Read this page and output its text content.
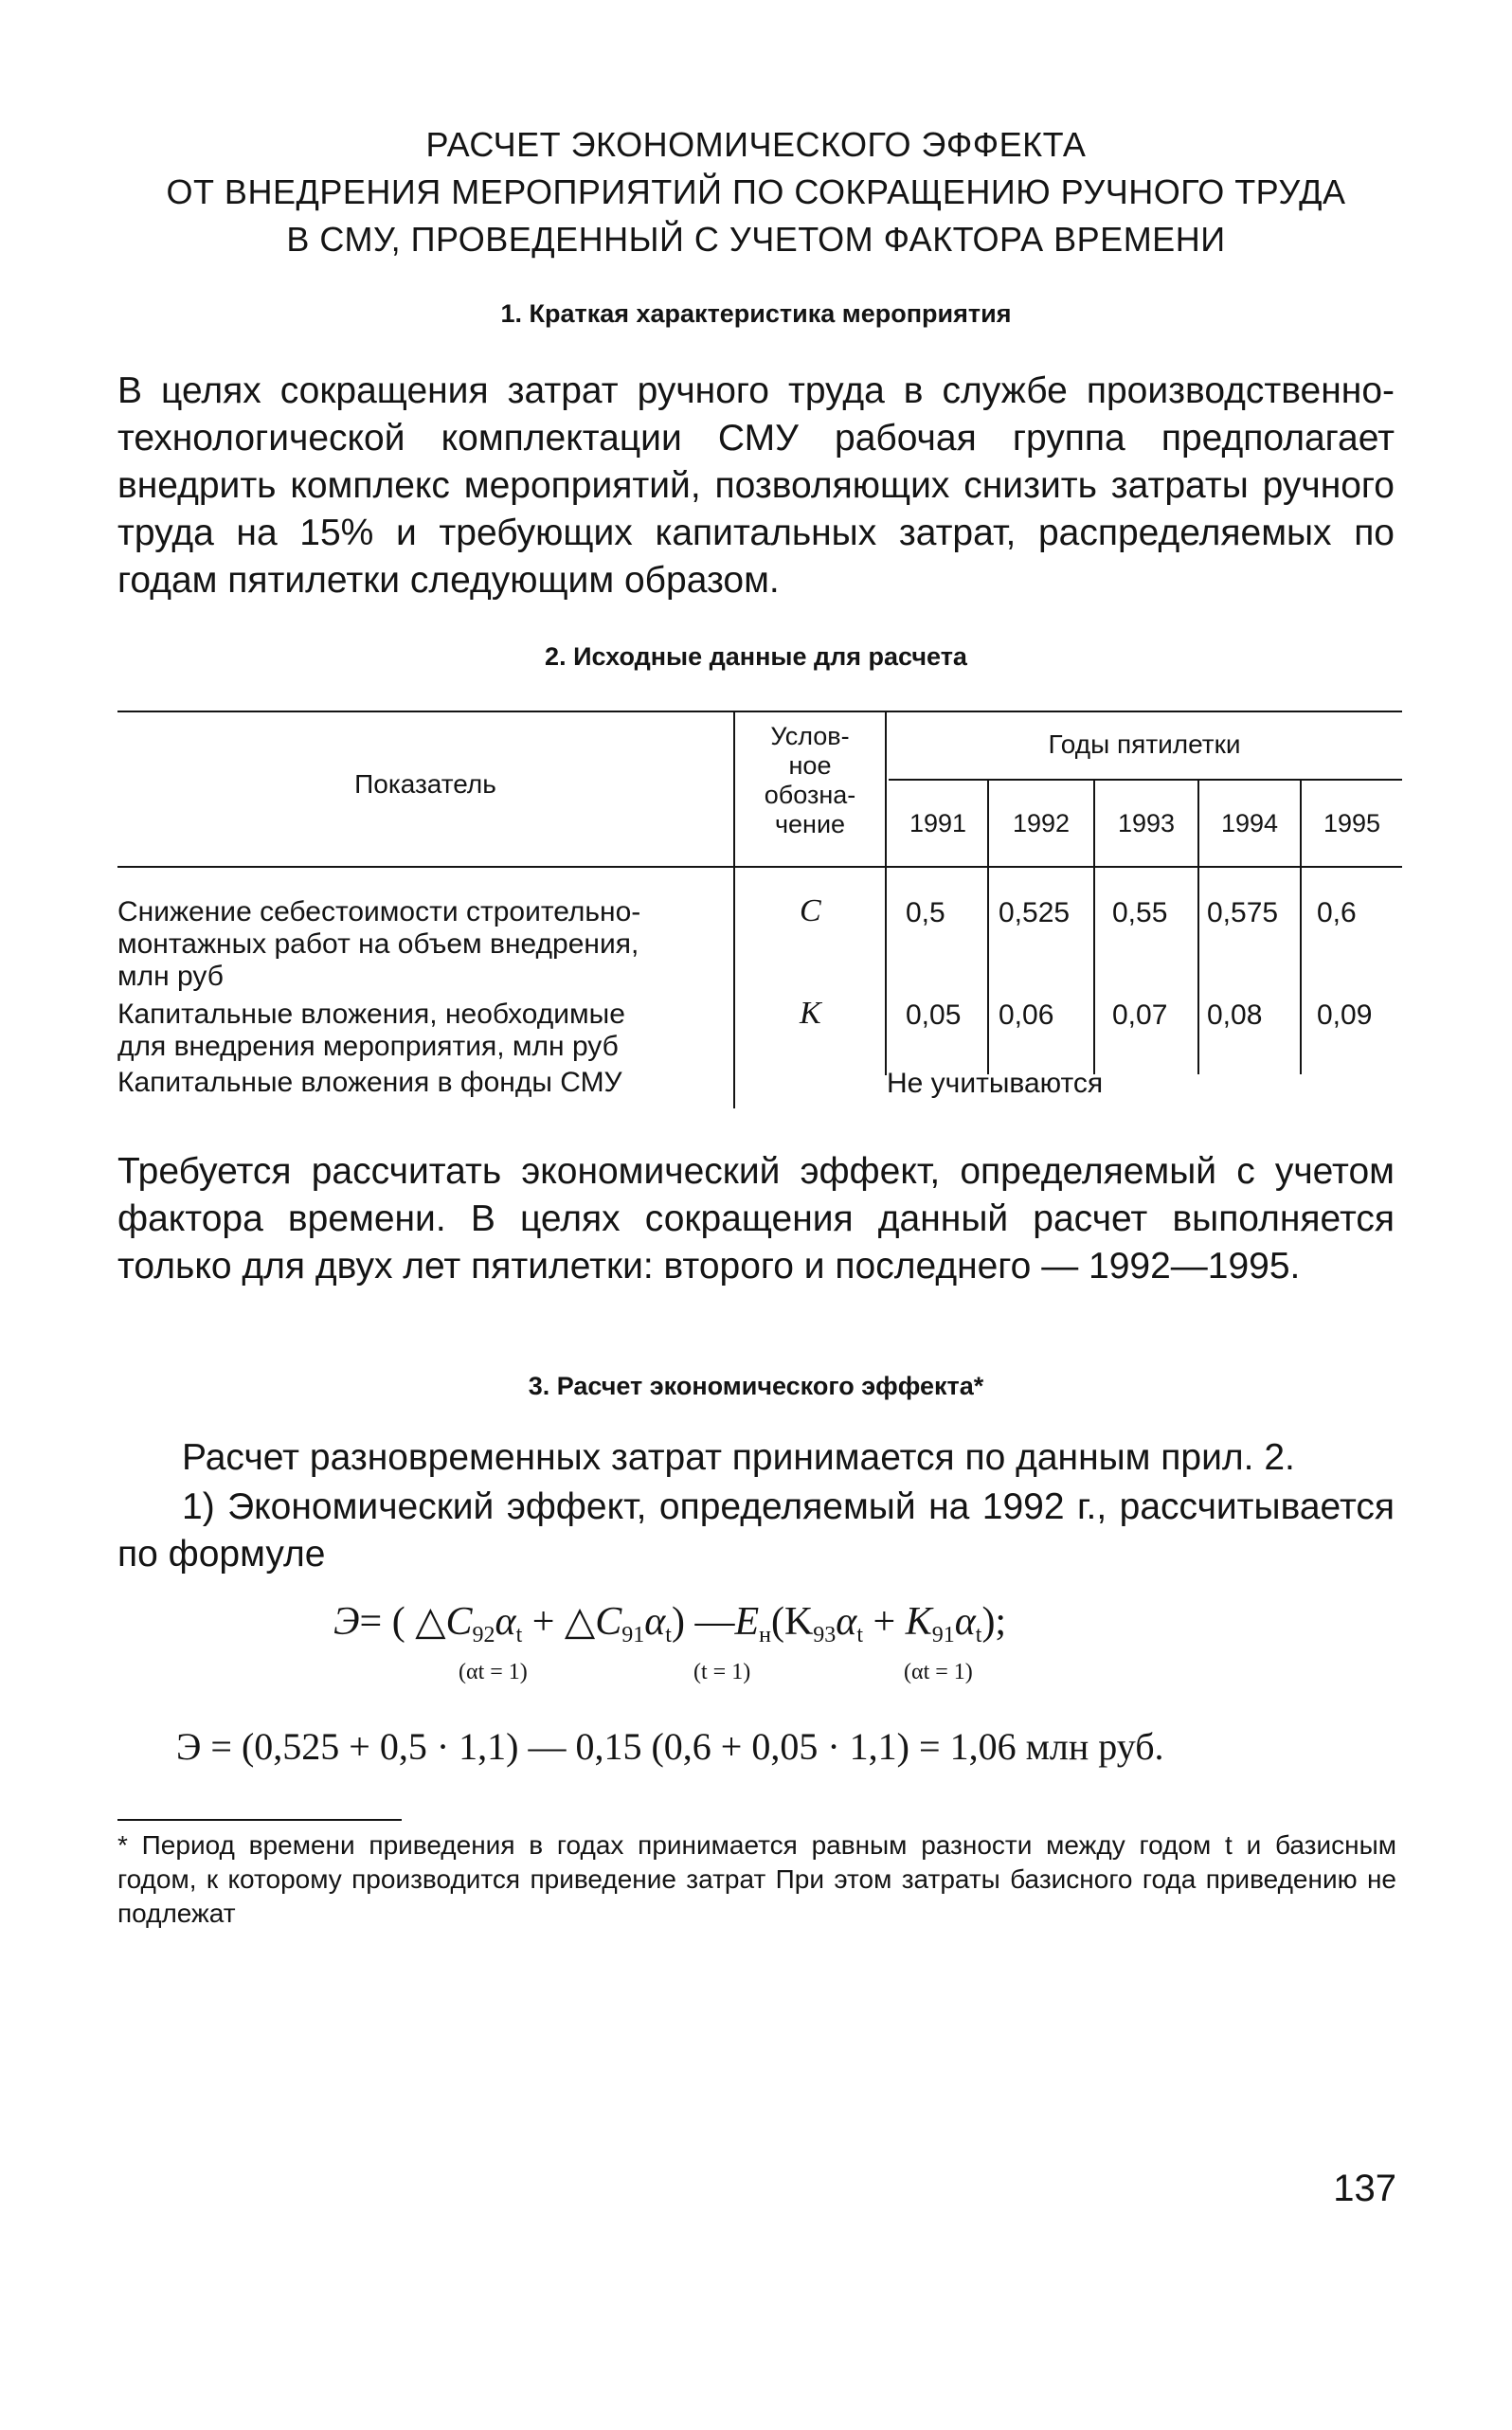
РАСЧЕТ ЭКОНОМИЧЕСКОГО ЭФФЕКТА
ОТ ВНЕДРЕНИЯ МЕРОПРИЯТИЙ ПО СОКРАЩЕНИЮ РУЧНОГО ТРУДА
В СМУ, ПРОВЕДЕННЫЙ С УЧЕТОМ ФАКТОРА ВРЕМЕНИ
1. Краткая характеристика мероприятия
В целях сокращения затрат ручного труда в службе производственно-технологической комплектации СМУ рабочая группа предполагает внедрить комплекс мероприятий, позволяющих снизить затраты ручного труда на 15% и требующих капитальных затрат, распределяемых по годам пятилетки следующим образом.
2. Исходные данные для расчета
Показатель
Услов-
ное
обозна-
чение
Годы пятилетки
1991	1992	1993	1994	1995
Снижение себестоимости строительно-
монтажных работ на объем внедрения,
млн руб
C	0,5 0,525 0,55 0,575 0,6
Капитальные вложения, необходимые
для внедрения мероприятия, млн руб
K	0,05 0,06 0,07 0,08 0,09
Капитальные вложения в фонды СМУ	Не учитываются
Требуется рассчитать экономический эффект, определяемый с учетом фактора времени. В целях сокращения данный расчет выполняется только для двух лет пятилетки: второго и последнего — 1992—1995.
3. Расчет экономического эффекта*
Расчет разновременных затрат принимается по данным прил. 2.
1) Экономический эффект, определяемый на 1992 г., рассчитывается по формуле
Э= ( $\triangle C_{92}\alpha_t$ + $\triangle C_{91}\alpha_t$) $—E_н(K_{93}\alpha_t + K_{91}\alpha_t)$;
(αt = 1)	(t = 1)	(αt = 1)
Э = (0,525 + 0,5 · 1,1) — 0,15 (0,6 + 0,05 · 1,1) = 1,06 млн руб.
* Период времени приведения в годах принимается равным разности между годом t и базисным годом, к которому производится приведение затрат При этом затраты базисного года приведению не подлежат
137
